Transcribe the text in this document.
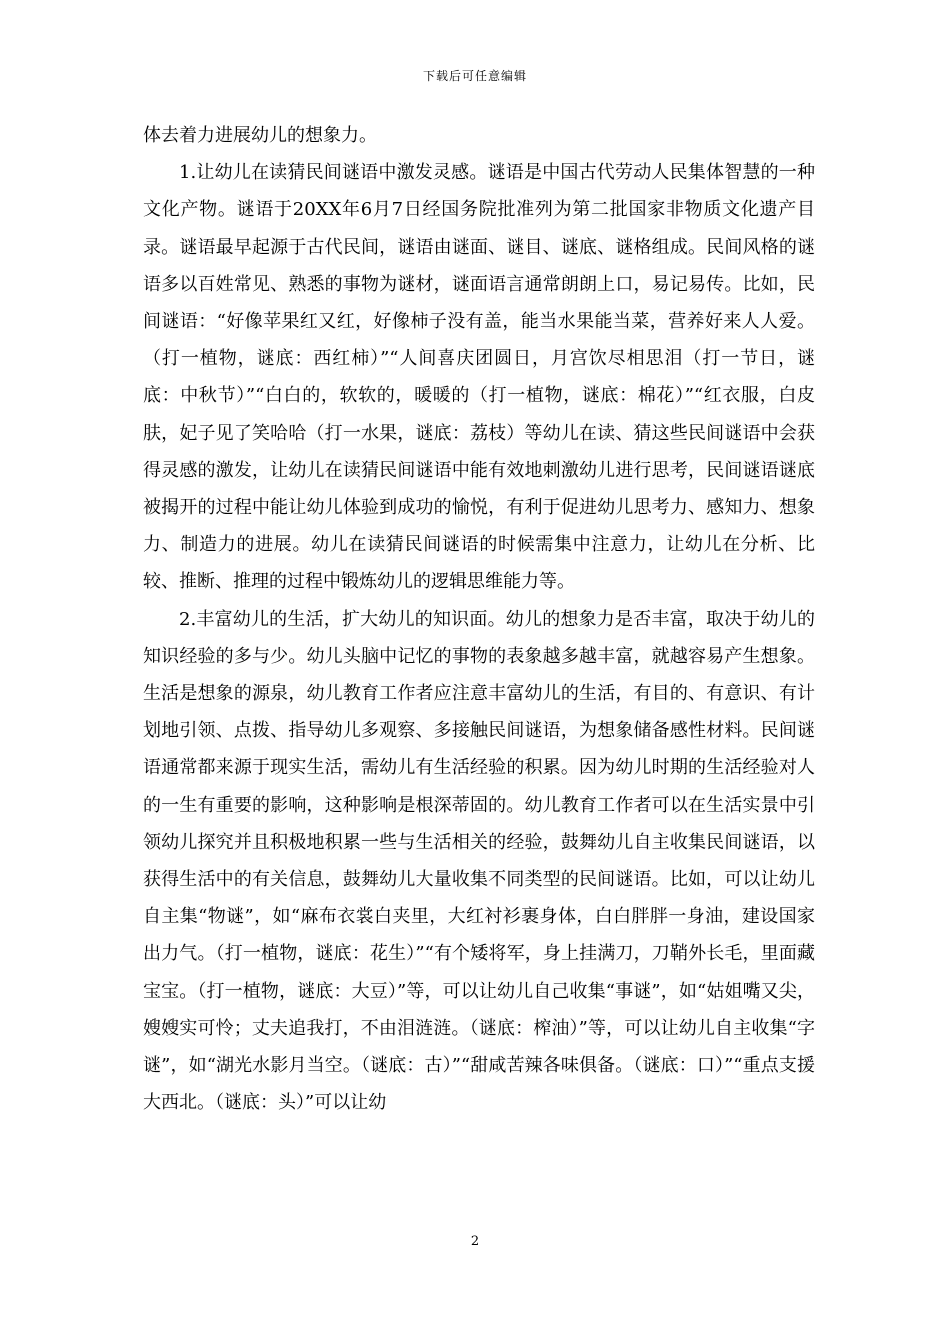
下载后可任意编辑

体去着力进展幼儿的想象力。

1.让幼儿在读猜民间谜语中激发灵感。谜语是中国古代劳动人民集体智慧的一种文化产物。谜语于20XX年6月7日经国务院批准列为第二批国家非物质文化遗产目录。谜语最早起源于古代民间，谜语由谜面、谜目、谜底、谜格组成。民间风格的谜语多以百姓常见、熟悉的事物为谜材，谜面语言通常朗朗上口，易记易传。比如，民间谜语：“好像苹果红又红，好像柿子没有盖，能当水果能当菜，营养好来人人爱。（打一植物，谜底：西红柿）”“人间喜庆团圆日，月宫饮尽相思泪（打一节日，谜底：中秋节）”“白白的，软软的，暖暖的（打一植物，谜底：棉花）”“红衣服，白皮肤，妃子见了笑哈哈（打一水果，谜底：荔枝）等幼儿在读、猜这些民间谜语中会获得灵感的激发，让幼儿在读猜民间谜语中能有效地刺激幼儿进行思考，民间谜语谜底被揭开的过程中能让幼儿体验到成功的愉悦，有利于促进幼儿思考力、感知力、想象力、制造力的进展。幼儿在读猜民间谜语的时候需集中注意力，让幼儿在分析、比较、推断、推理的过程中锻炼幼儿的逻辑思维能力等。

2.丰富幼儿的生活，扩大幼儿的知识面。幼儿的想象力是否丰富，取决于幼儿的知识经验的多与少。幼儿头脑中记忆的事物的表象越多越丰富，就越容易产生想象。生活是想象的源泉，幼儿教育工作者应注意丰富幼儿的生活，有目的、有意识、有计划地引领、点拨、指导幼儿多观察、多接触民间谜语，为想象储备感性材料。民间谜语通常都来源于现实生活，需幼儿有生活经验的积累。因为幼儿时期的生活经验对人的一生有重要的影响，这种影响是根深蒂固的。幼儿教育工作者可以在生活实景中引领幼儿探究并且积极地积累一些与生活相关的经验，鼓舞幼儿自主收集民间谜语，以获得生活中的有关信息，鼓舞幼儿大量收集不同类型的民间谜语。比如，可以让幼儿自主集“物谜”，如“麻布衣裳白夹里，大红衬衫裹身体，白白胖胖一身油，建设国家出力气。（打一植物，谜底：花生）”“有个矮将军，身上挂满刀，刀鞘外长毛，里面藏宝宝。（打一植物，谜底：大豆）”等，可以让幼儿自己收集“事谜”，如“姑姐嘴又尖，嫂嫂实可怜；丈夫追我打，不由泪涟涟。（谜底：榨油）”等，可以让幼儿自主收集“字谜”，如“湖光水影月当空。（谜底：古）”“甜咸苦辣各味俱备。（谜底：口）”“重点支援大西北。（谜底：头）”可以让幼

2
